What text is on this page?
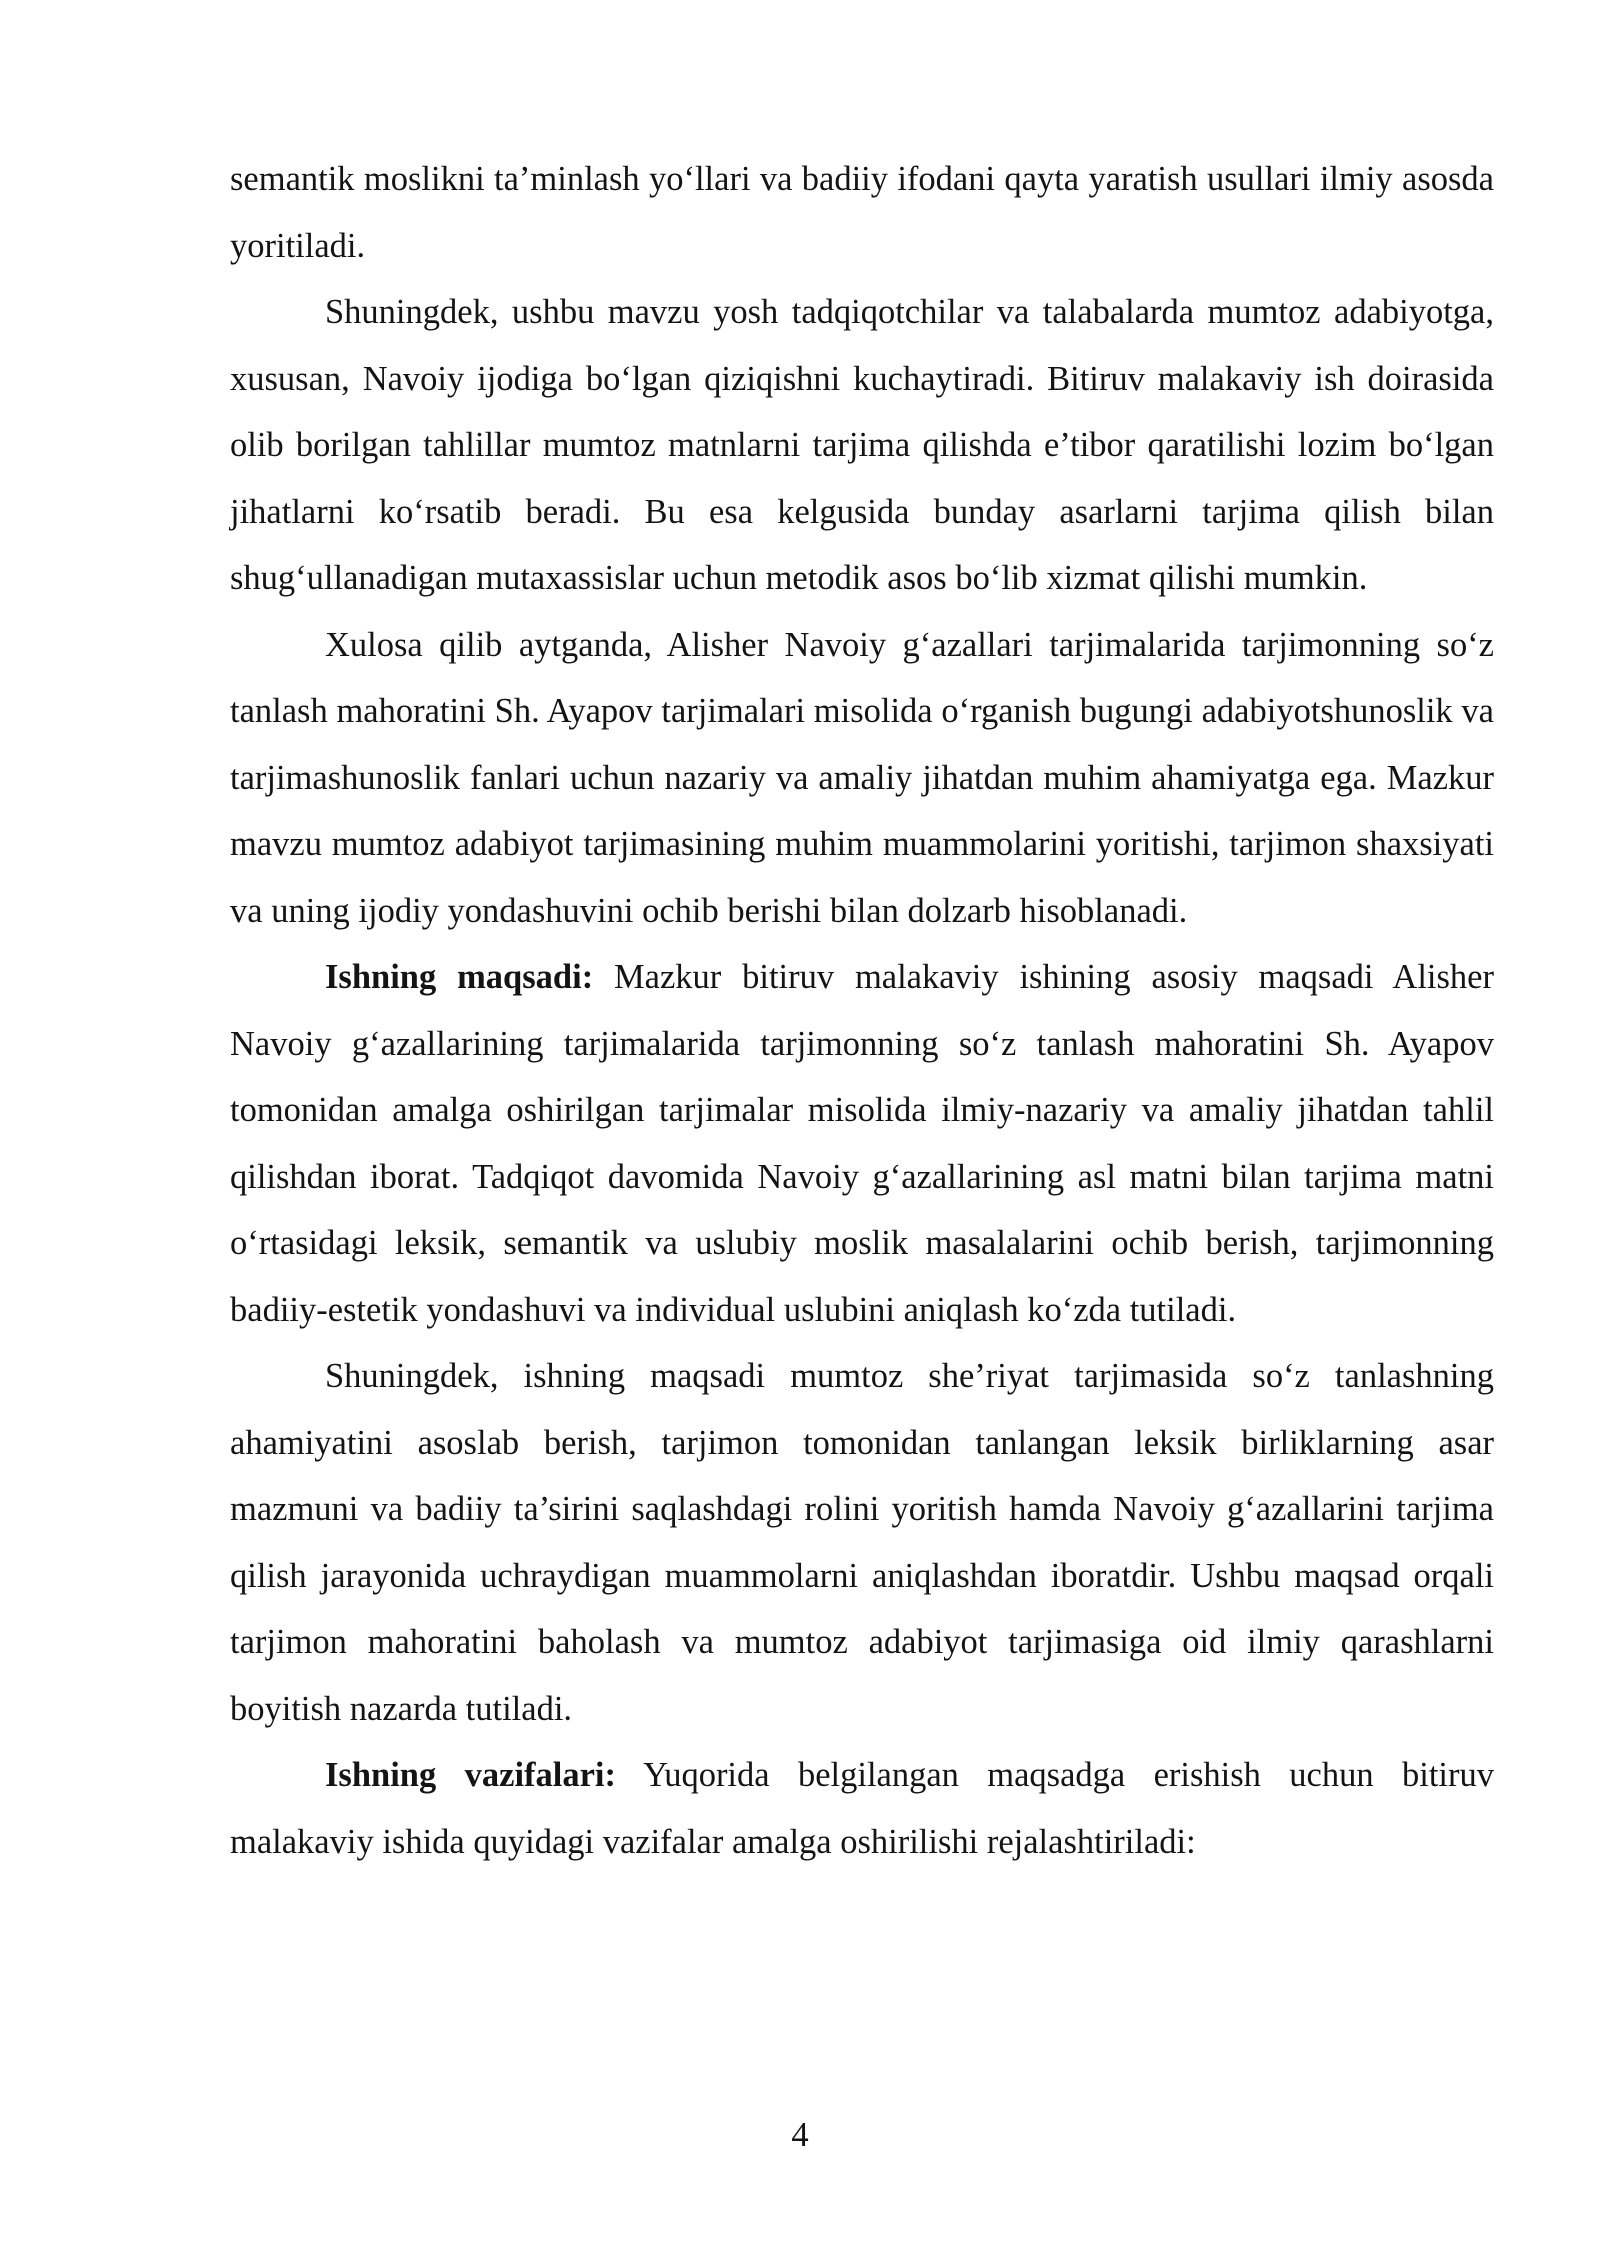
semantik moslikni ta’minlash yo‘llari va badiiy ifodani qayta yaratish usullari ilmiy asosda yoritiladi.

Shuningdek, ushbu mavzu yosh tadqiqotchilar va talabalarda mumtoz adabiyotga, xususan, Navoiy ijodiga bo‘lgan qiziqishni kuchaytiradi. Bitiruv malakaviy ish doirasida olib borilgan tahlillar mumtoz matnlarni tarjima qilishda e’tibor qaratilishi lozim bo‘lgan jihatlarni ko‘rsatib beradi. Bu esa kelgusida bunday asarlarni tarjima qilish bilan shug‘ullanadigan mutaxassislar uchun metodik asos bo‘lib xizmat qilishi mumkin.

Xulosa qilib aytganda, Alisher Navoiy g‘azallari tarjimalarida tarjimonning so‘z tanlash mahoratini Sh. Ayapov tarjimalari misolida o‘rganish bugungi adabiyotshunoslik va tarjimashunoslik fanlari uchun nazariy va amaliy jihatdan muhim ahamiyatga ega. Mazkur mavzu mumtoz adabiyot tarjimasining muhim muammolarini yoritishi, tarjimon shaxsiyati va uning ijodiy yondashuvini ochib berishi bilan dolzarb hisoblanadi.

Ishning maqsadi: Mazkur bitiruv malakaviy ishining asosiy maqsadi Alisher Navoiy g‘azallarining tarjimalarida tarjimonning so‘z tanlash mahoratini Sh. Ayapov tomonidan amalga oshirilgan tarjimalar misolida ilmiy-nazariy va amaliy jihatdan tahlil qilishdan iborat. Tadqiqot davomida Navoiy g‘azallarining asl matni bilan tarjima matni o‘rtasidagi leksik, semantik va uslubiy moslik masalalarini ochib berish, tarjimonning badiiy-estetik yondashuvi va individual uslubini aniqlash ko‘zda tutiladi.

Shuningdek, ishning maqsadi mumtoz she’riyat tarjimasida so‘z tanlashning ahamiyatini asoslab berish, tarjimon tomonidan tanlangan leksik birliklarning asar mazmuni va badiiy ta’sirini saqlashdagi rolini yoritish hamda Navoiy g‘azallarini tarjima qilish jarayonida uchraydigan muammolarni aniqlashdan iboratdir. Ushbu maqsad orqali tarjimon mahoratini baholash va mumtoz adabiyot tarjimasiga oid ilmiy qarashlarni boyitish nazarda tutiladi.

Ishning vazifalari: Yuqorida belgilangan maqsadga erishish uchun bitiruv malakaviy ishida quyidagi vazifalar amalga oshirilishi rejalashtiriladi:

4
